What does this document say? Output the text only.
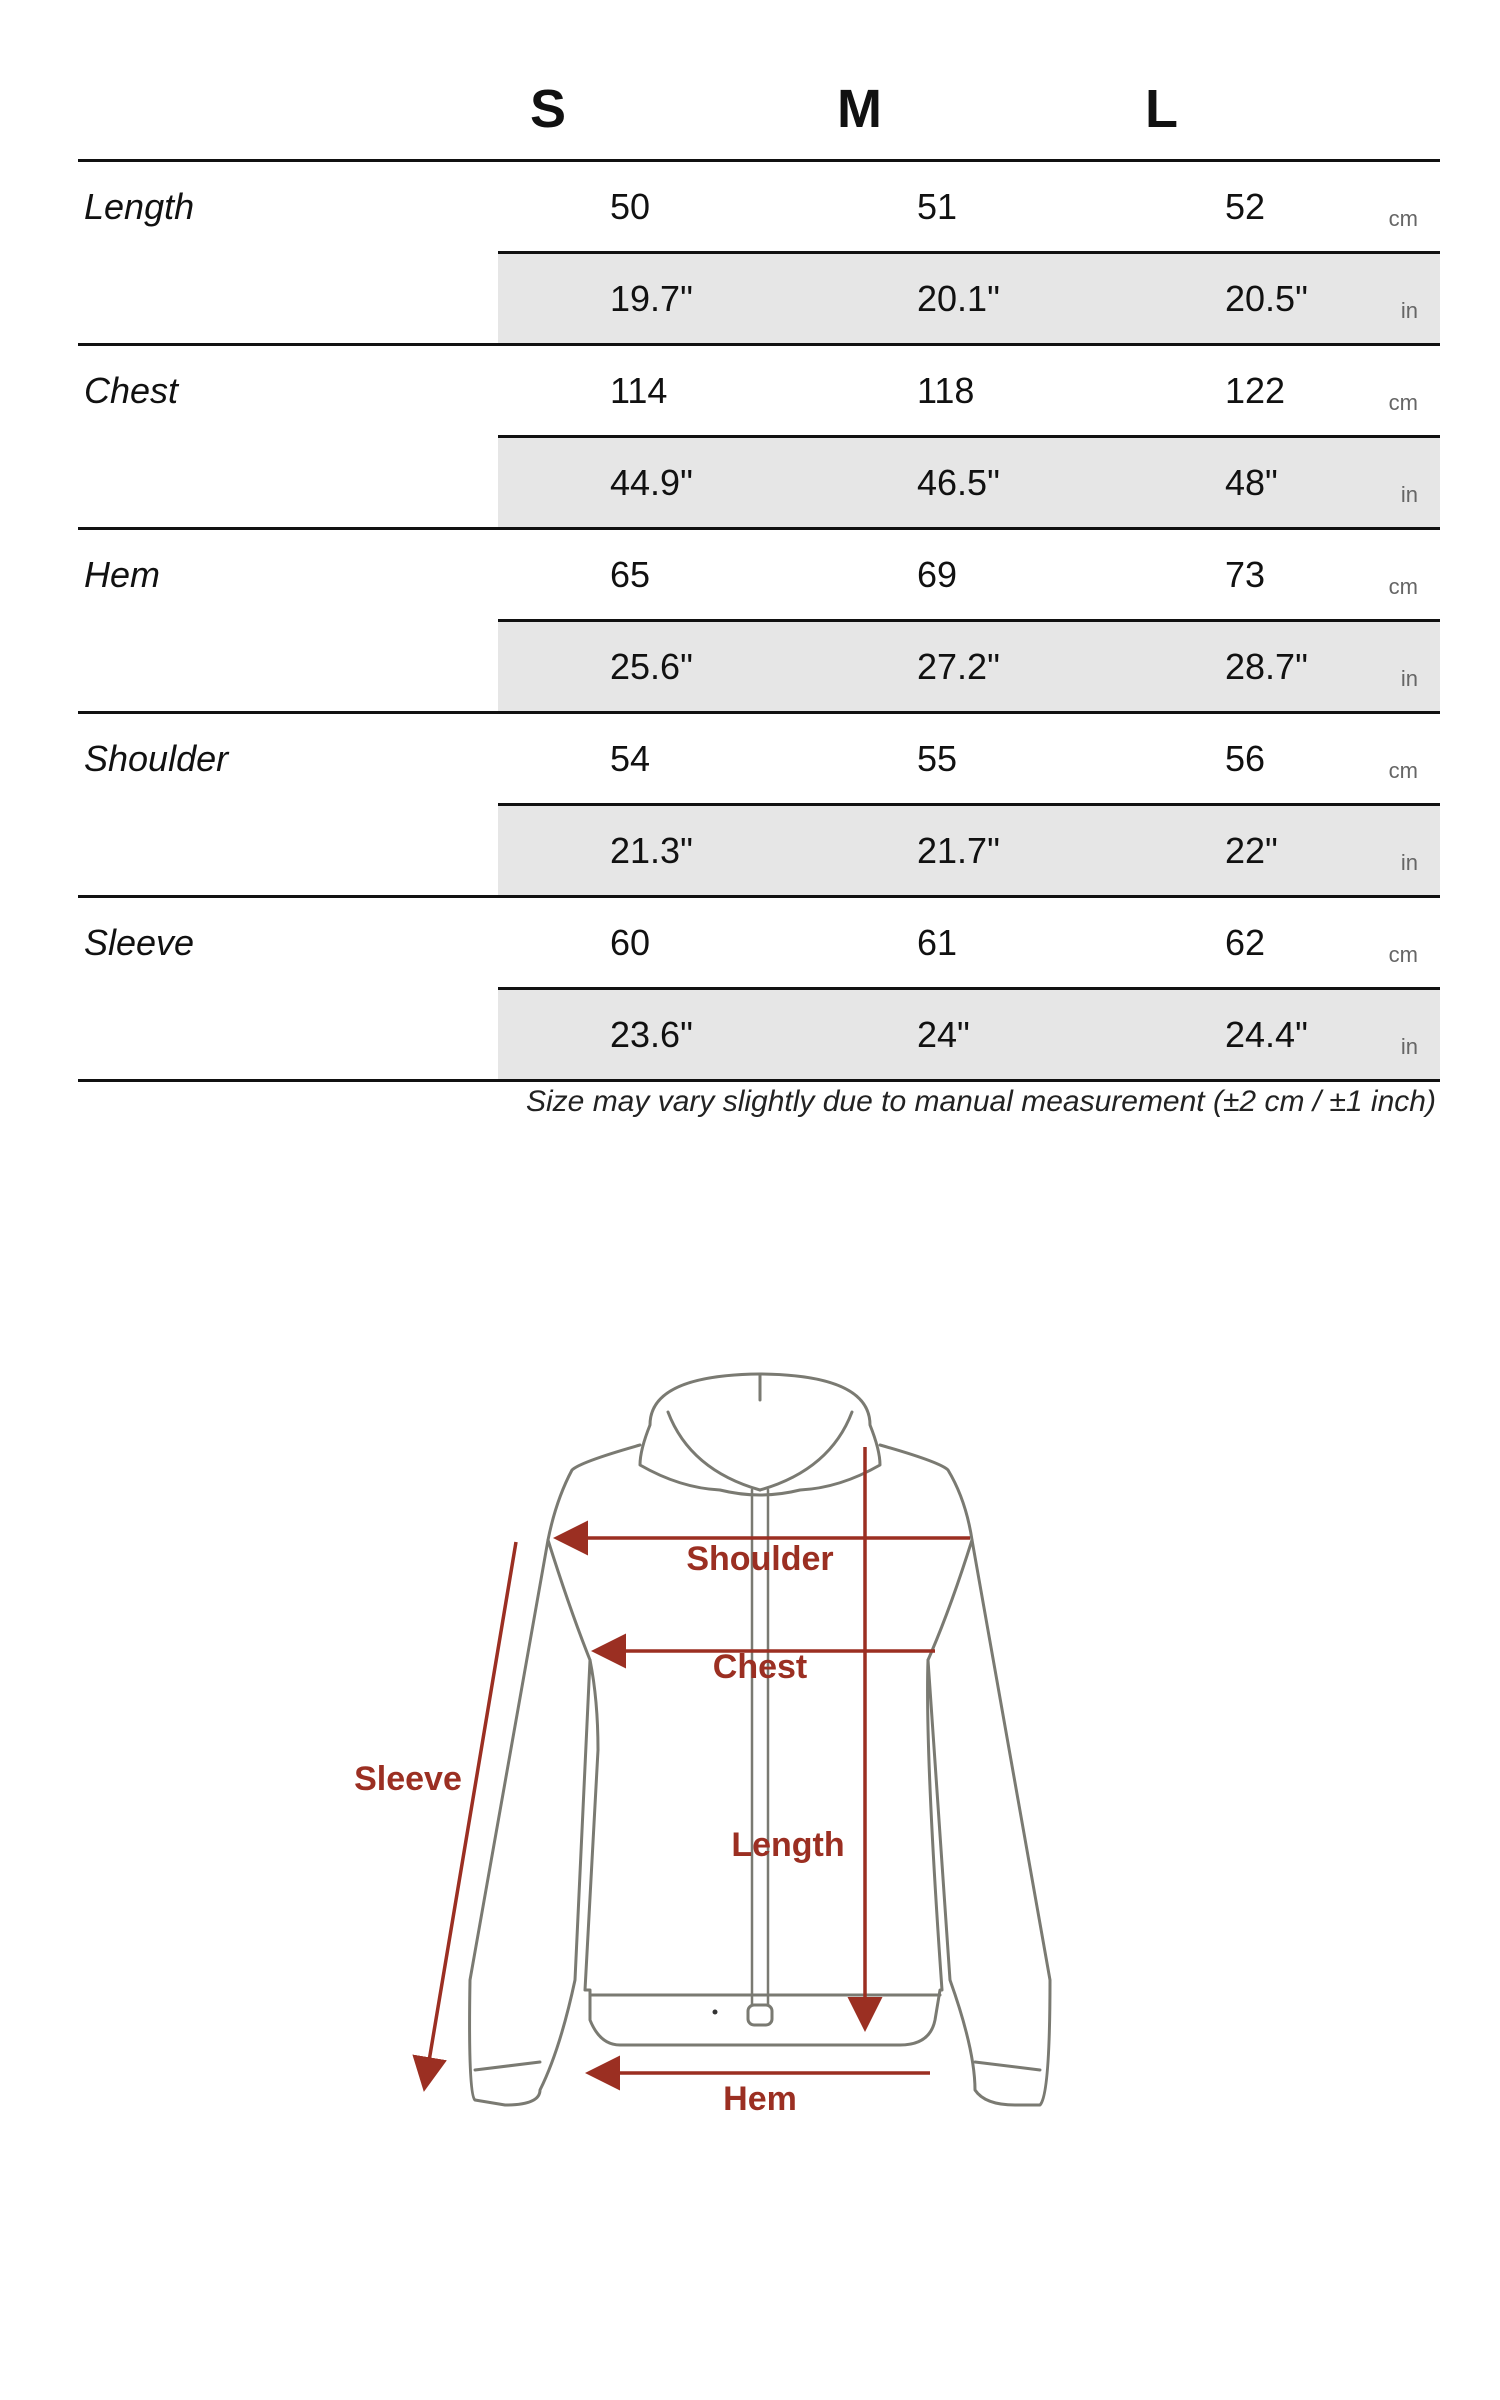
S	M	L
Length	50	51	52	cm
19.7"	20.1"	20.5"	in
Chest	114	118	122	cm
44.9"	46.5"	48"	in
Hem	65	69	73	cm
25.6"	27.2"	28.7"	in
Shoulder	54	55	56	cm
21.3"	21.7"	22"	in
Sleeve	60	61	62	cm
23.6"	24"	24.4"	in
Size may vary slightly due to manual measurement (±2 cm / ±1 inch)
Shoulder
Chest
Length
Sleeve
Hem
